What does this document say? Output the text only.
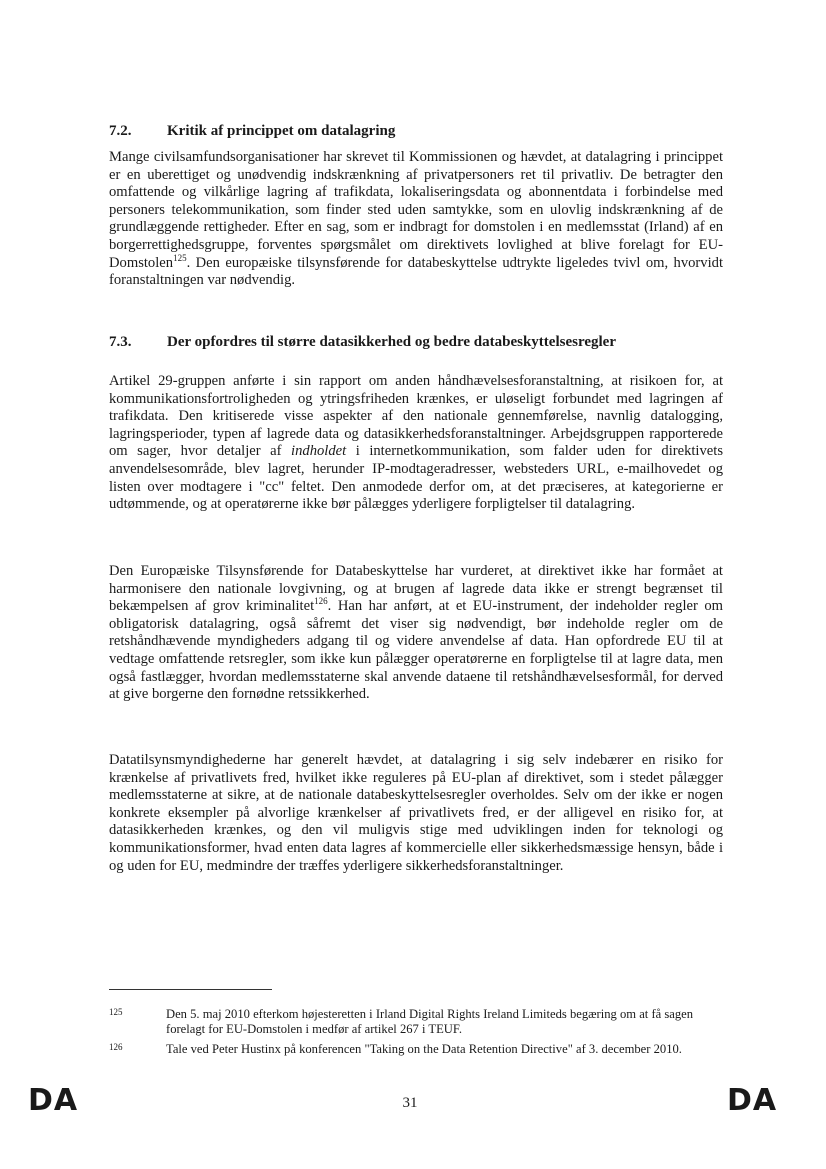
7.2. Kritik af princippet om datalagring

Mange civilsamfundsorganisationer har skrevet til Kommissionen og hævdet, at datalagring i princippet er en uberettiget og unødvendig indskrænkning af privatpersoners ret til privatliv. De betragter den omfattende og vilkårlige lagring af trafikdata, lokaliseringsdata og abonnentdata i forbindelse med personers telekommunikation, som finder sted uden samtykke, som en ulovlig indskrænkning af de grundlæggende rettigheder. Efter en sag, som er indbragt for domstolen i en medlemsstat (Irland) af en borgerrettighedsgruppe, forventes spørgsmålet om direktivets lovlighed at blive forelagt for EU-Domstolen$^{125}$. Den europæiske tilsynsførende for databeskyttelse udtrykte ligeledes tvivl om, hvorvidt foranstaltningen var nødvendig.

7.3. Der opfordres til større datasikkerhed og bedre databeskyttelsesregler

Artikel 29-gruppen anførte i sin rapport om anden håndhævelsesforanstaltning, at risikoen for, at kommunikationsfortroligheden og ytringsfriheden krænkes, er uløseligt forbundet med lagringen af trafikdata. Den kritiserede visse aspekter af den nationale gennemførelse, navnlig datalogging, lagringsperioder, typen af lagrede data og datasikkerhedsforanstaltninger. Arbejdsgruppen rapporterede om sager, hvor detaljer af indholdet i internetkommunikation, som falder uden for direktivets anvendelsesområde, blev lagret, herunder IP-modtageradresser, websteders URL, e-mailhovedet og listen over modtagere i "cc" feltet. Den anmodede derfor om, at det præciseres, at kategorierne er udtømmende, og at operatørerne ikke bør pålægges yderligere forpligtelser til datalagring.

Den Europæiske Tilsynsførende for Databeskyttelse har vurderet, at direktivet ikke har formået at harmonisere den nationale lovgivning, og at brugen af lagrede data ikke er strengt begrænset til bekæmpelsen af grov kriminalitet$^{126}$. Han har anført, at et EU-instrument, der indeholder regler om obligatorisk datalagring, også såfremt det viser sig nødvendigt, bør indeholde regler om de retshåndhævende myndigheders adgang til og videre anvendelse af data. Han opfordrede EU til at vedtage omfattende retsregler, som ikke kun pålægger operatørerne en forpligtelse til at lagre data, men også fastlægger, hvordan medlemsstaterne skal anvende dataene til retshåndhævelsesformål, for derved at give borgerne den fornødne retssikkerhed.

Datatilsynsmyndighederne har generelt hævdet, at datalagring i sig selv indebærer en risiko for krænkelse af privatlivets fred, hvilket ikke reguleres på EU-plan af direktivet, som i stedet pålægger medlemsstaterne at sikre, at de nationale databeskyttelsesregler overholdes. Selv om der ikke er nogen konkrete eksempler på alvorlige krænkelser af privatlivets fred, er der alligevel en risiko for, at datasikkerheden krænkes, og den vil muligvis stige med udviklingen inden for teknologi og kommunikationsformer, hvad enten data lagres af kommercielle eller sikkerhedsmæssige hensyn, både i og uden for EU, medmindre der træffes yderligere sikkerhedsforanstaltninger.

125	Den 5. maj 2010 efterkom højesteretten i Irland Digital Rights Ireland Limiteds begæring om at få sagen forelagt for EU-Domstolen i medfør af artikel 267 i TEUF.
126	Tale ved Peter Hustinx på konferencen "Taking on the Data Retention Directive" af 3. december 2010.
DA	31	DA
